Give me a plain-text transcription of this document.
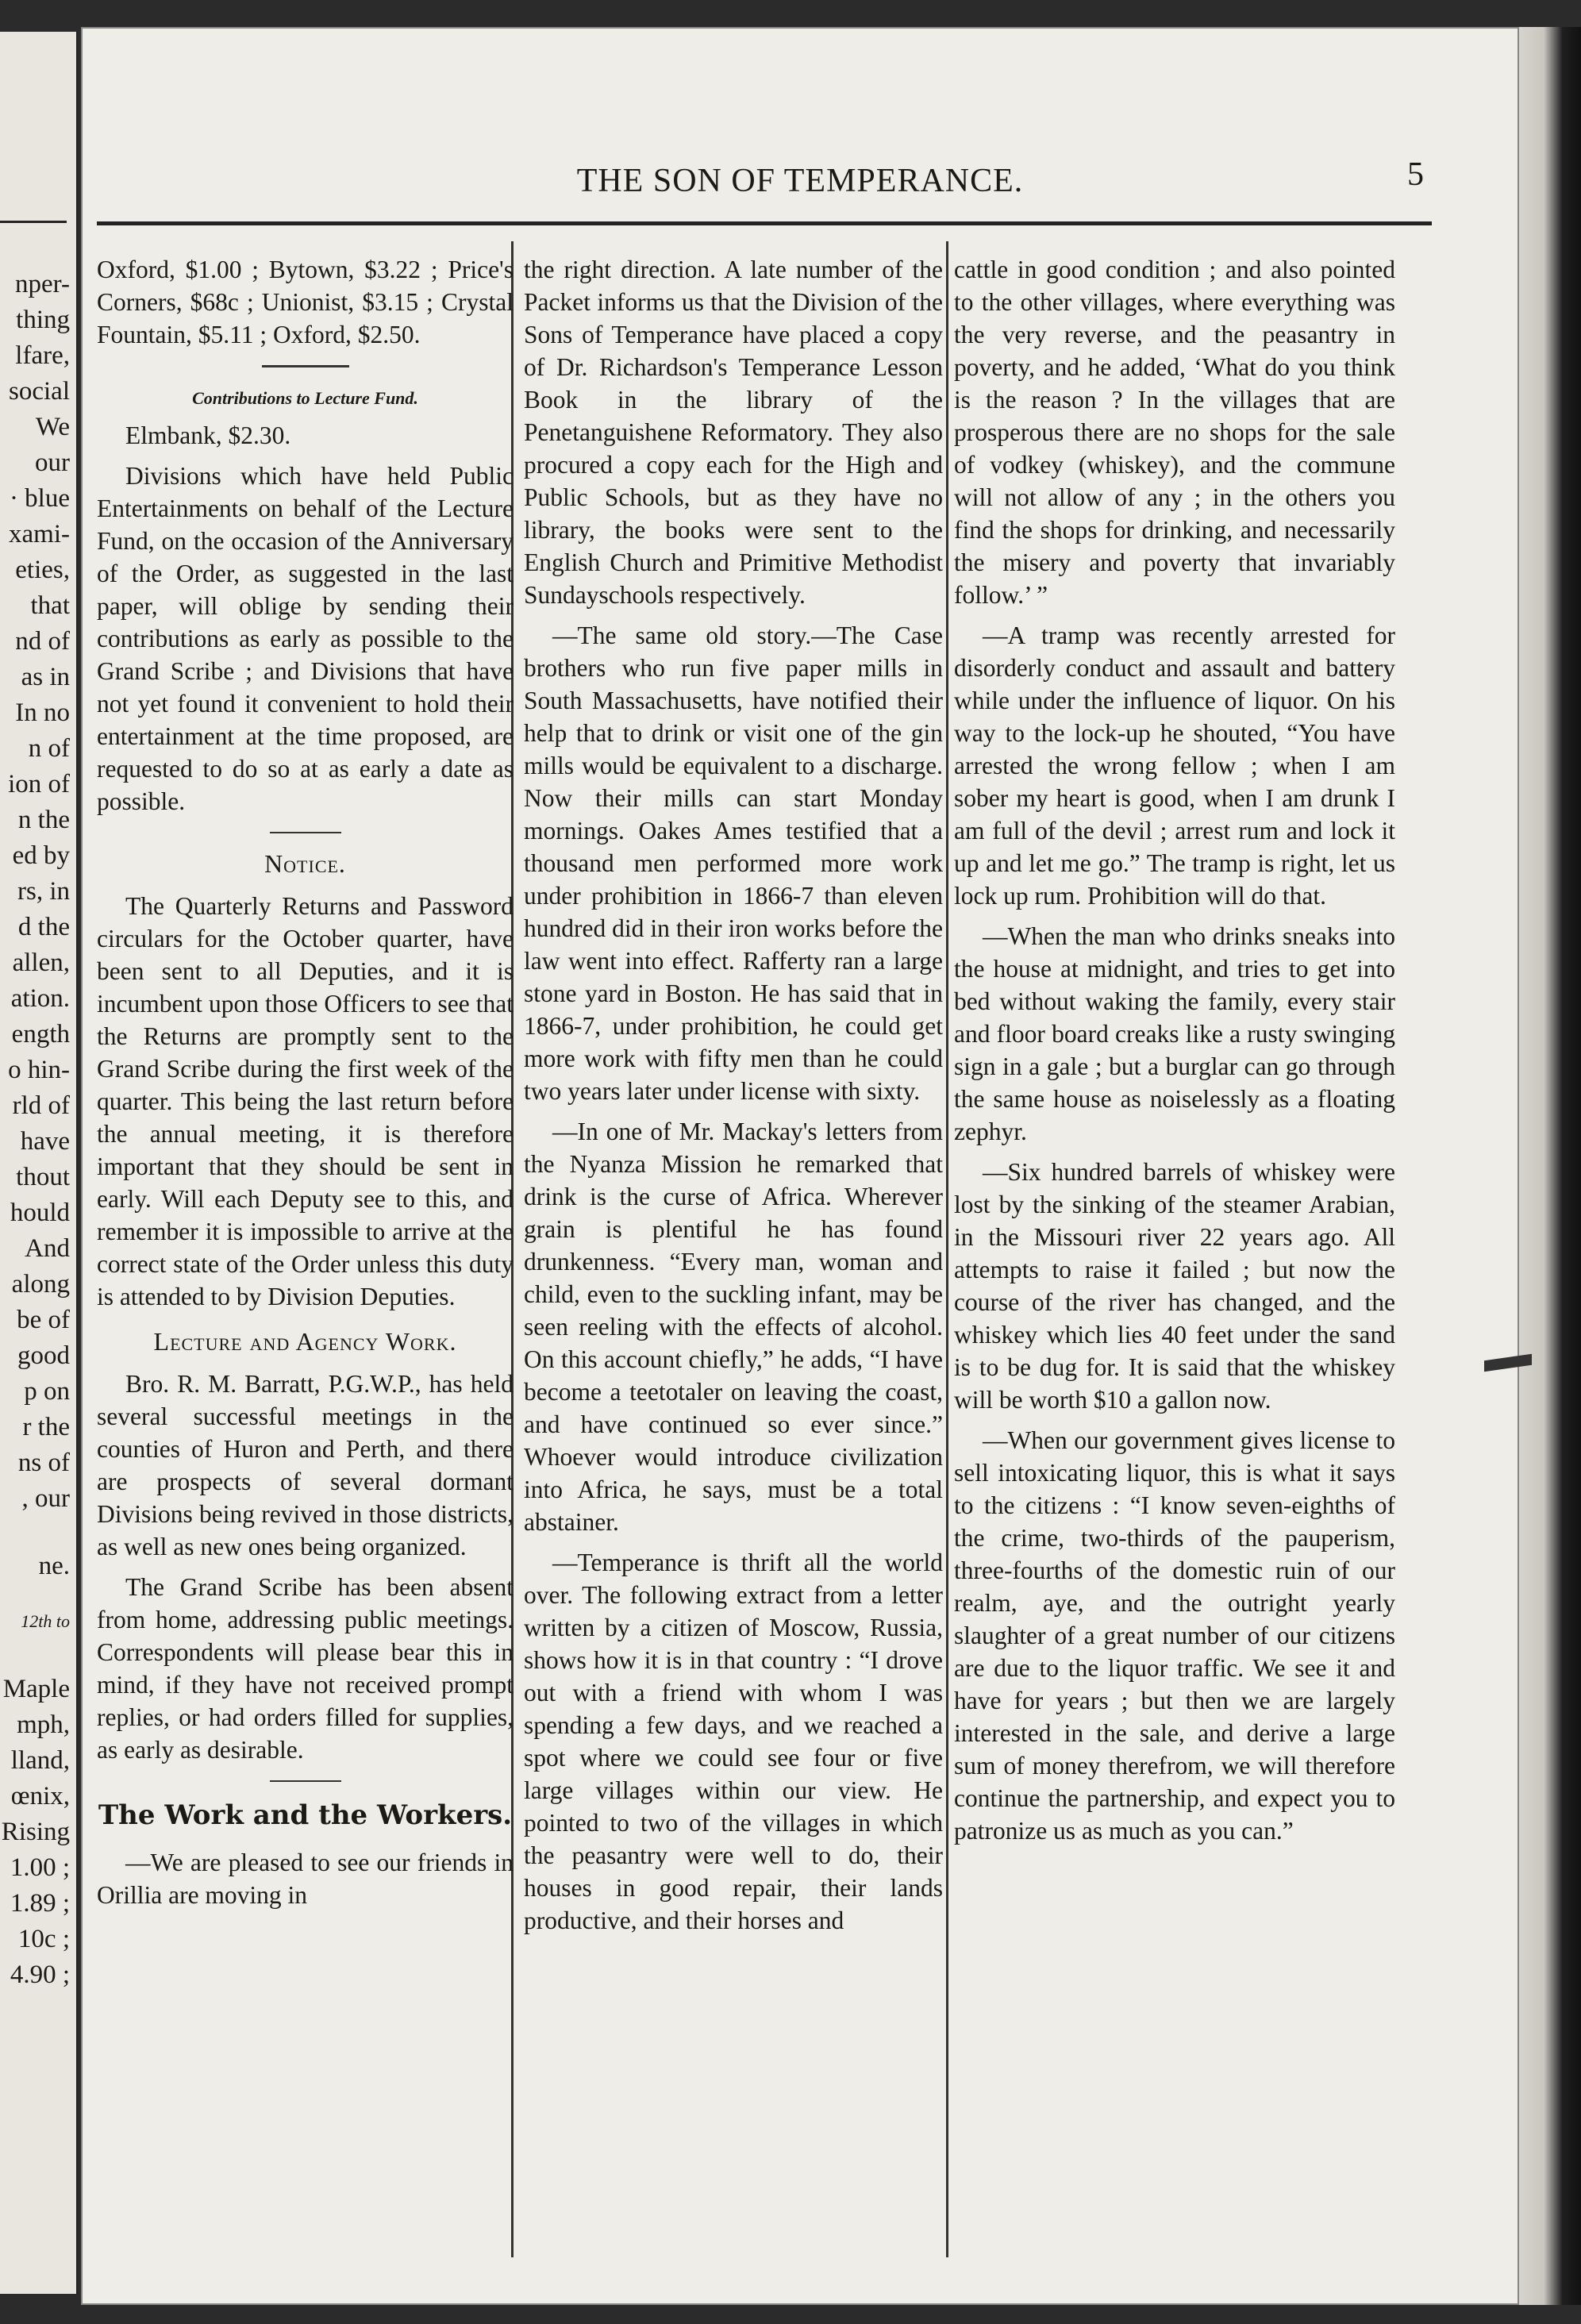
nper-
thing
lfare,
social
We
our
· blue
xami-
eties,
that
nd of
as in
In no
n of
ion of
n the
ed by
rs, in
d the
allen,
ation.
ength
o hin-
rld of
have
thout
hould
And
along
be of
good
p on
r the
ns of
, our
ne.
12th to
Maple
mph,
lland,
œnix,
Rising
1.00 ;
1.89 ;
10c ;
4.90 ;
THE SON OF TEMPERANCE.	5

Oxford, $1.00 ; Bytown, $3.22 ; Price's Corners, $68c ; Unionist, $3.15 ; Crystal Fountain, $5.11 ; Oxford, $2.50.

Contributions to Lecture Fund.

Elmbank, $2.30.

Divisions which have held Public Entertainments on behalf of the Lecture Fund, on the occasion of the Anniversary of the Order, as suggested in the last paper, will oblige by sending their contributions as early as possible to the Grand Scribe ; and Divisions that have not yet found it convenient to hold their entertainment at the time proposed, are requested to do so at as early a date as possible.

Notice.

The Quarterly Returns and Password circulars for the October quarter, have been sent to all Deputies, and it is incumbent upon those Officers to see that the Returns are promptly sent to the Grand Scribe during the first week of the quarter. This being the last return before the annual meeting, it is therefore important that they should be sent in early. Will each Deputy see to this, and remember it is impossible to arrive at the correct state of the Order unless this duty is attended to by Division Deputies.

Lecture and Agency Work.

Bro. R. M. Barratt, P.G.W.P., has held several successful meetings in the counties of Huron and Perth, and there are prospects of several dormant Divisions being revived in those districts, as well as new ones being organized.

The Grand Scribe has been absent from home, addressing public meetings. Correspondents will please bear this in mind, if they have not received prompt replies, or had orders filled for supplies, as early as desirable.

The Work and the Workers.

—We are pleased to see our friends in Orillia are moving in

the right direction. A late number of the Packet informs us that the Division of the Sons of Temperance have placed a copy of Dr. Richardson's Temperance Lesson Book in the library of the Penetanguishene Reformatory. They also procured a copy each for the High and Public Schools, but as they have no library, the books were sent to the English Church and Primitive Methodist Sundayschools respectively.

—The same old story.—The Case brothers who run five paper mills in South Massachusetts, have notified their help that to drink or visit one of the gin mills would be equivalent to a discharge. Now their mills can start Monday mornings. Oakes Ames testified that a thousand men performed more work under prohibition in 1866-7 than eleven hundred did in their iron works before the law went into effect. Rafferty ran a large stone yard in Boston. He has said that in 1866-7, under prohibition, he could get more work with fifty men than he could two years later under license with sixty.

—In one of Mr. Mackay's letters from the Nyanza Mission he remarked that drink is the curse of Africa. Wherever grain is plentiful he has found drunkenness. “Every man, woman and child, even to the suckling infant, may be seen reeling with the effects of alcohol. On this account chiefly,” he adds, “I have become a teetotaler on leaving the coast, and have continued so ever since.” Whoever would introduce civilization into Africa, he says, must be a total abstainer.

—Temperance is thrift all the world over. The following extract from a letter written by a citizen of Moscow, Russia, shows how it is in that country : “I drove out with a friend with whom I was spending a few days, and we reached a spot where we could see four or five large villages within our view. He pointed to two of the villages in which the peasantry were well to do, their houses in good repair, their lands productive, and their horses and

cattle in good condition ; and also pointed to the other villages, where everything was the very reverse, and the peasantry in poverty, and he added, ‘What do you think is the reason ? In the villages that are prosperous there are no shops for the sale of vodkey (whiskey), and the commune will not allow of any ; in the others you find the shops for drinking, and necessarily the misery and poverty that invariably follow.’ ”

—A tramp was recently arrested for disorderly conduct and assault and battery while under the influence of liquor. On his way to the lock-up he shouted, “You have arrested the wrong fellow ; when I am sober my heart is good, when I am drunk I am full of the devil ; arrest rum and lock it up and let me go.” The tramp is right, let us lock up rum. Prohibition will do that.

—When the man who drinks sneaks into the house at midnight, and tries to get into bed without waking the family, every stair and floor board creaks like a rusty swinging sign in a gale ; but a burglar can go through the same house as noiselessly as a floating zephyr.

—Six hundred barrels of whiskey were lost by the sinking of the steamer Arabian, in the Missouri river 22 years ago. All attempts to raise it failed ; but now the course of the river has changed, and the whiskey which lies 40 feet under the sand is to be dug for. It is said that the whiskey will be worth $10 a gallon now.

—When our government gives license to sell intoxicating liquor, this is what it says to the citizens : “I know seven-eighths of the crime, two-thirds of the pauperism, three-fourths of the domestic ruin of our realm, aye, and the outright yearly slaughter of a great number of our citizens are due to the liquor traffic. We see it and have for years ; but then we are largely interested in the sale, and derive a large sum of money therefrom, we will therefore continue the partnership, and expect you to patronize us as much as you can.”
